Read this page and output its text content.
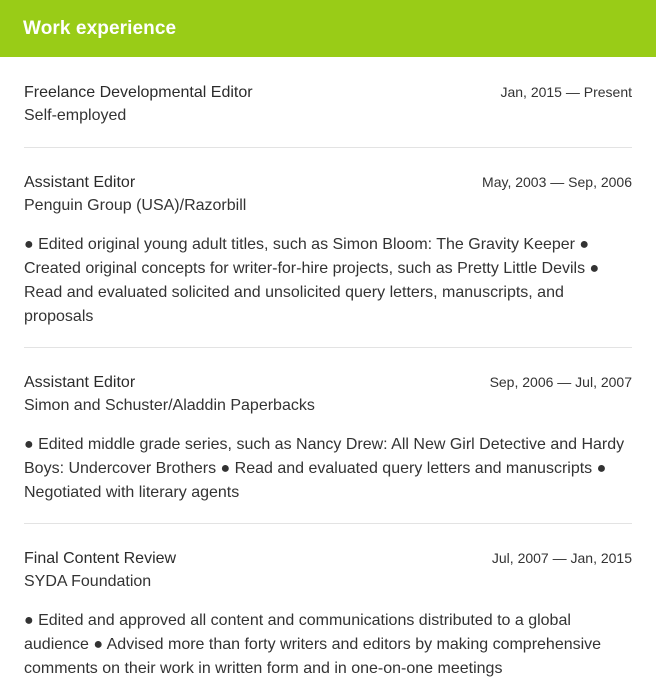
Work experience
Freelance Developmental Editor	Jan, 2015 — Present
Self-employed
Assistant Editor	May, 2003 — Sep, 2006
Penguin Group (USA)/Razorbill

● Edited original young adult titles, such as Simon Bloom: The Gravity Keeper ● Created original concepts for writer-for-hire projects, such as Pretty Little Devils ● Read and evaluated solicited and unsolicited query letters, manuscripts, and proposals

Assistant Editor	Sep, 2006 — Jul, 2007
Simon and Schuster/Aladdin Paperbacks

● Edited middle grade series, such as Nancy Drew: All New Girl Detective and Hardy Boys: Undercover Brothers ● Read and evaluated query letters and manuscripts ● Negotiated with literary agents

Final Content Review	Jul, 2007 — Jan, 2015
SYDA Foundation

● Edited and approved all content and communications distributed to a global audience ● Advised more than forty writers and editors by making comprehensive comments on their work in written form and in one-on-one meetings
